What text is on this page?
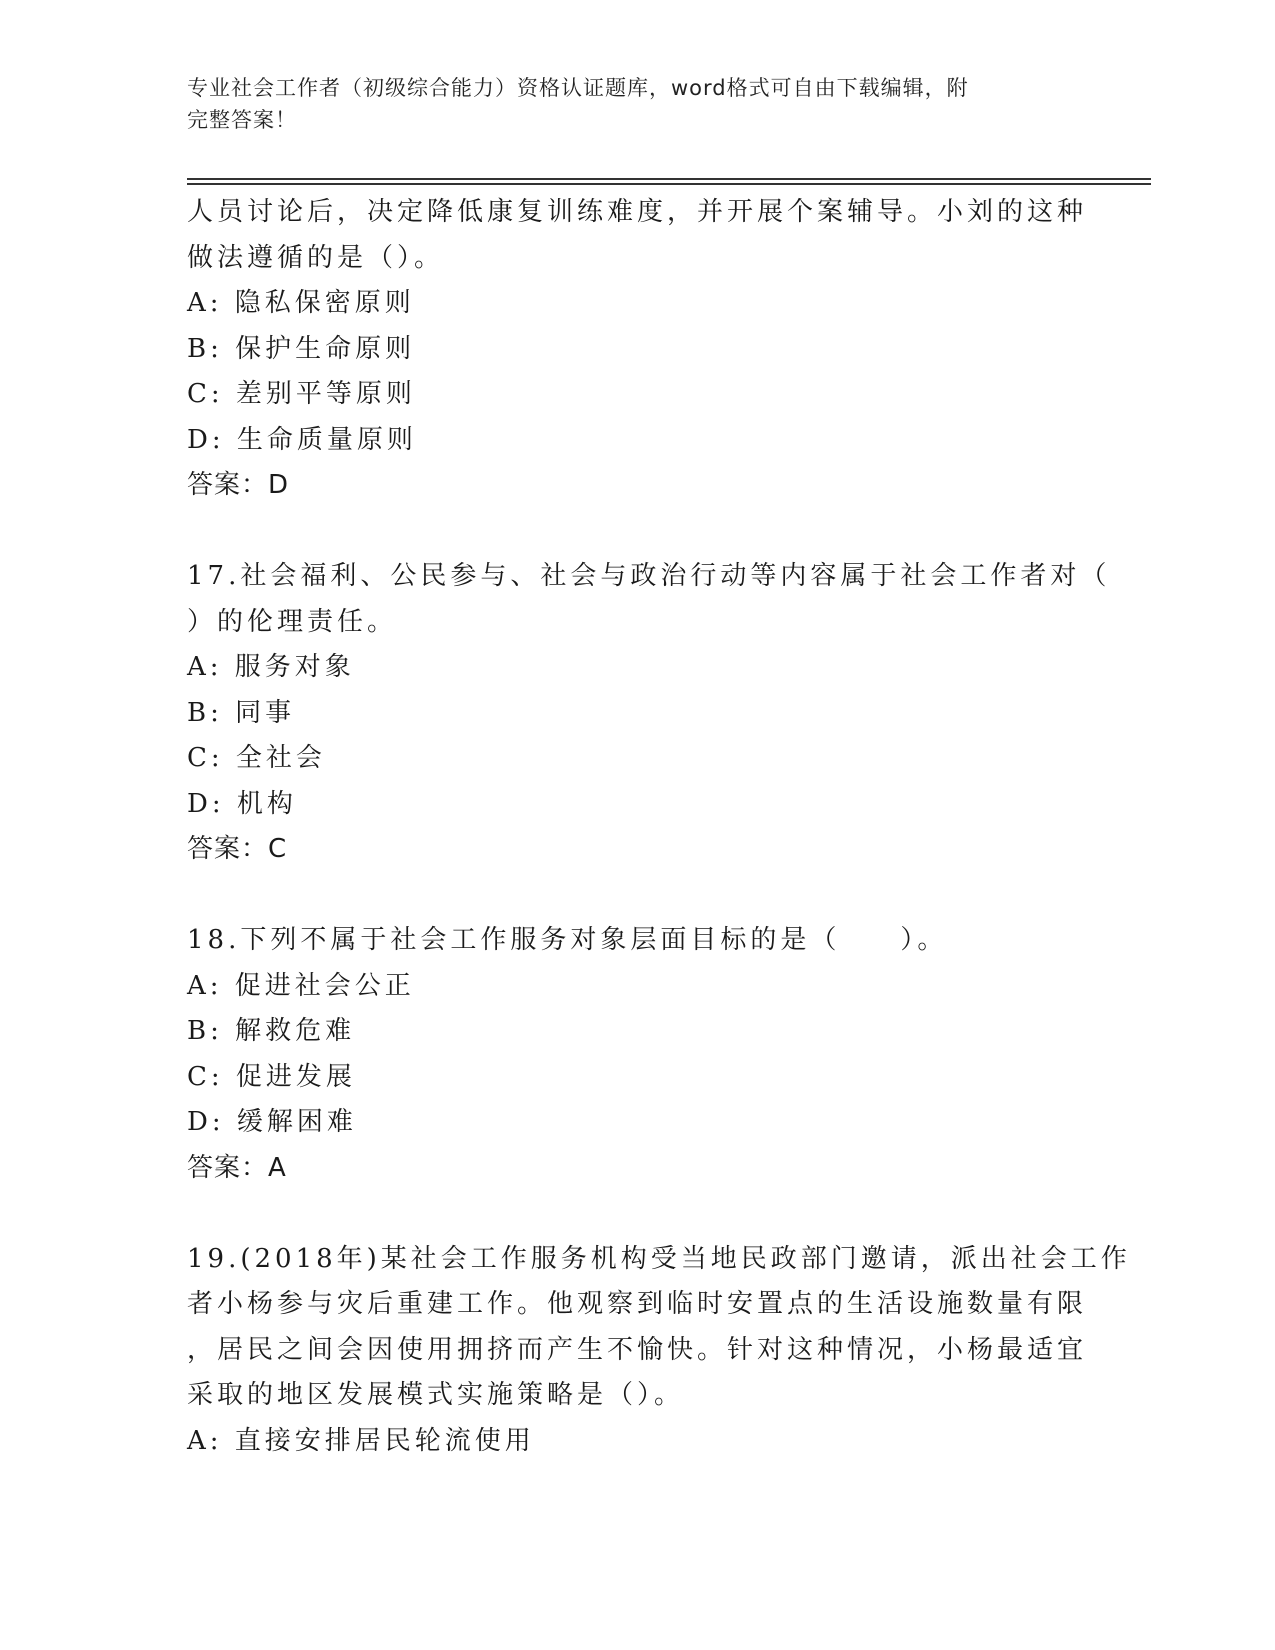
专业社会工作者（初级综合能力）资格认证题库，word格式可自由下载编辑，附
完整答案！
人员讨论后，决定降低康复训练难度，并开展个案辅导。小刘的这种
做法遵循的是（）。
A: 隐私保密原则
B: 保护生命原则
C: 差别平等原则
D: 生命质量原则
答案：D
17.社会福利、公民参与、社会与政治行动等内容属于社会工作者对（
）的伦理责任。
A: 服务对象
B: 同事
C: 全社会
D: 机构
答案：C
18.下列不属于社会工作服务对象层面目标的是（　　）。
A: 促进社会公正
B: 解救危难
C: 促进发展
D: 缓解困难
答案：A
19.(2018年)某社会工作服务机构受当地民政部门邀请，派出社会工作
者小杨参与灾后重建工作。他观察到临时安置点的生活设施数量有限
，居民之间会因使用拥挤而产生不愉快。针对这种情况，小杨最适宜
采取的地区发展模式实施策略是（）。
A: 直接安排居民轮流使用
